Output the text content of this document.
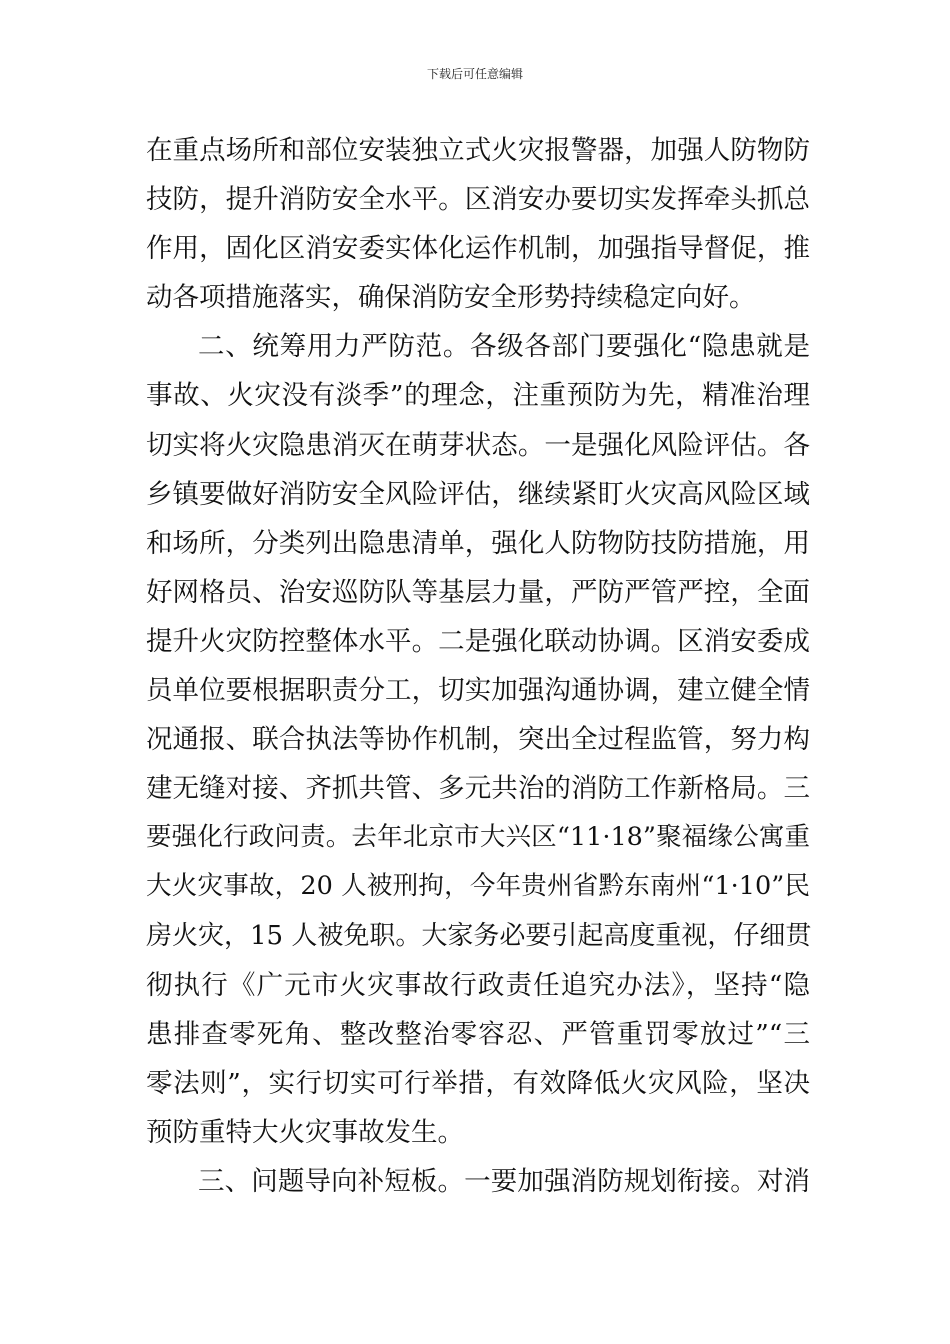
下载后可任意编辑
在重点场所和部位安装独立式火灾报警器，加强人防物防
技防，提升消防安全水平。区消安办要切实发挥牵头抓总
作用，固化区消安委实体化运作机制，加强指导督促，推
动各项措施落实，确保消防安全形势持续稳定向好。
二、统筹用力严防范。各级各部门要强化“隐患就是
事故、火灾没有淡季”的理念，注重预防为先，精准治理
切实将火灾隐患消灭在萌芽状态。一是强化风险评估。各
乡镇要做好消防安全风险评估，继续紧盯火灾高风险区域
和场所，分类列出隐患清单，强化人防物防技防措施，用
好网格员、治安巡防队等基层力量，严防严管严控，全面
提升火灾防控整体水平。二是强化联动协调。区消安委成
员单位要根据职责分工，切实加强沟通协调，建立健全情
况通报、联合执法等协作机制，突出全过程监管，努力构
建无缝对接、齐抓共管、多元共治的消防工作新格局。三
要强化行政问责。去年北京市大兴区“11·18”聚福缘公寓重
大火灾事故，20 人被刑拘，今年贵州省黔东南州“1·10”民
房火灾，15 人被免职。大家务必要引起高度重视，仔细贯
彻执行《广元市火灾事故行政责任追究办法》，坚持“隐
患排查零死角、整改整治零容忍、严管重罚零放过”“三
零法则”，实行切实可行举措，有效降低火灾风险，坚决
预防重特大火灾事故发生。
三、问题导向补短板。一要加强消防规划衔接。对消
